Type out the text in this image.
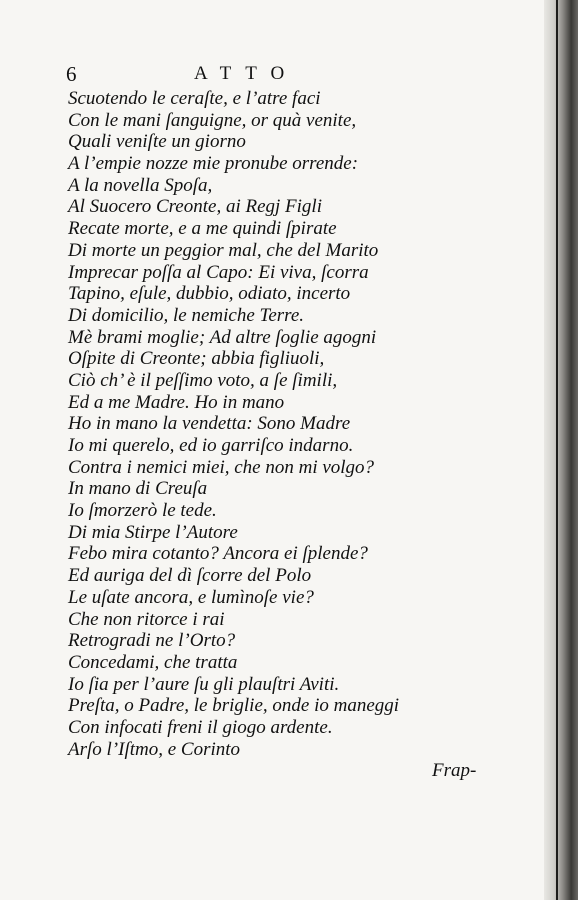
6	ATTO
Scuotendo le ceraſte, e l’atre faci
Con le mani ſanguigne, or quà venite,
Quali veniſte un giorno
A l’empie nozze mie pronube orrende:
A la novella Spoſa,
Al Suocero Creonte, ai Regj Figli
Recate morte, e a me quindi ſpirate
Di morte un peggior mal, che del Marito
Imprecar poſſa al Capo: Ei viva, ſcorra
Tapino, eſule, dubbio, odiato, incerto
Di domicilio, le nemiche Terre.
Mè brami moglie; Ad altre ſoglie agogni
Oſpite di Creonte; abbia figliuoli,
Ciò ch’ è il peſſimo voto, a ſe ſimili,
Ed a me Madre. Ho in mano
Ho in mano la vendetta: Sono Madre
Io mi querelo, ed io garriſco indarno.
Contra i nemici miei, che non mi volgo?
In mano di Creuſa
Io ſmorzerò le tede.
Di mia Stirpe l’Autore
Febo mira cotanto? Ancora ei ſplende?
Ed auriga del dì ſcorre del Polo
Le uſate ancora, e lumìnoſe vie?
Che non ritorce i rai
Retrogradi ne l’Orto?
Concedami, che tratta
Io ſia per l’aure ſu gli plauſtri Aviti.
Preſta, o Padre, le briglie, onde io maneggi
Con infocati freni il giogo ardente.
Arſo l’Iſtmo, e Corinto
Frap-
